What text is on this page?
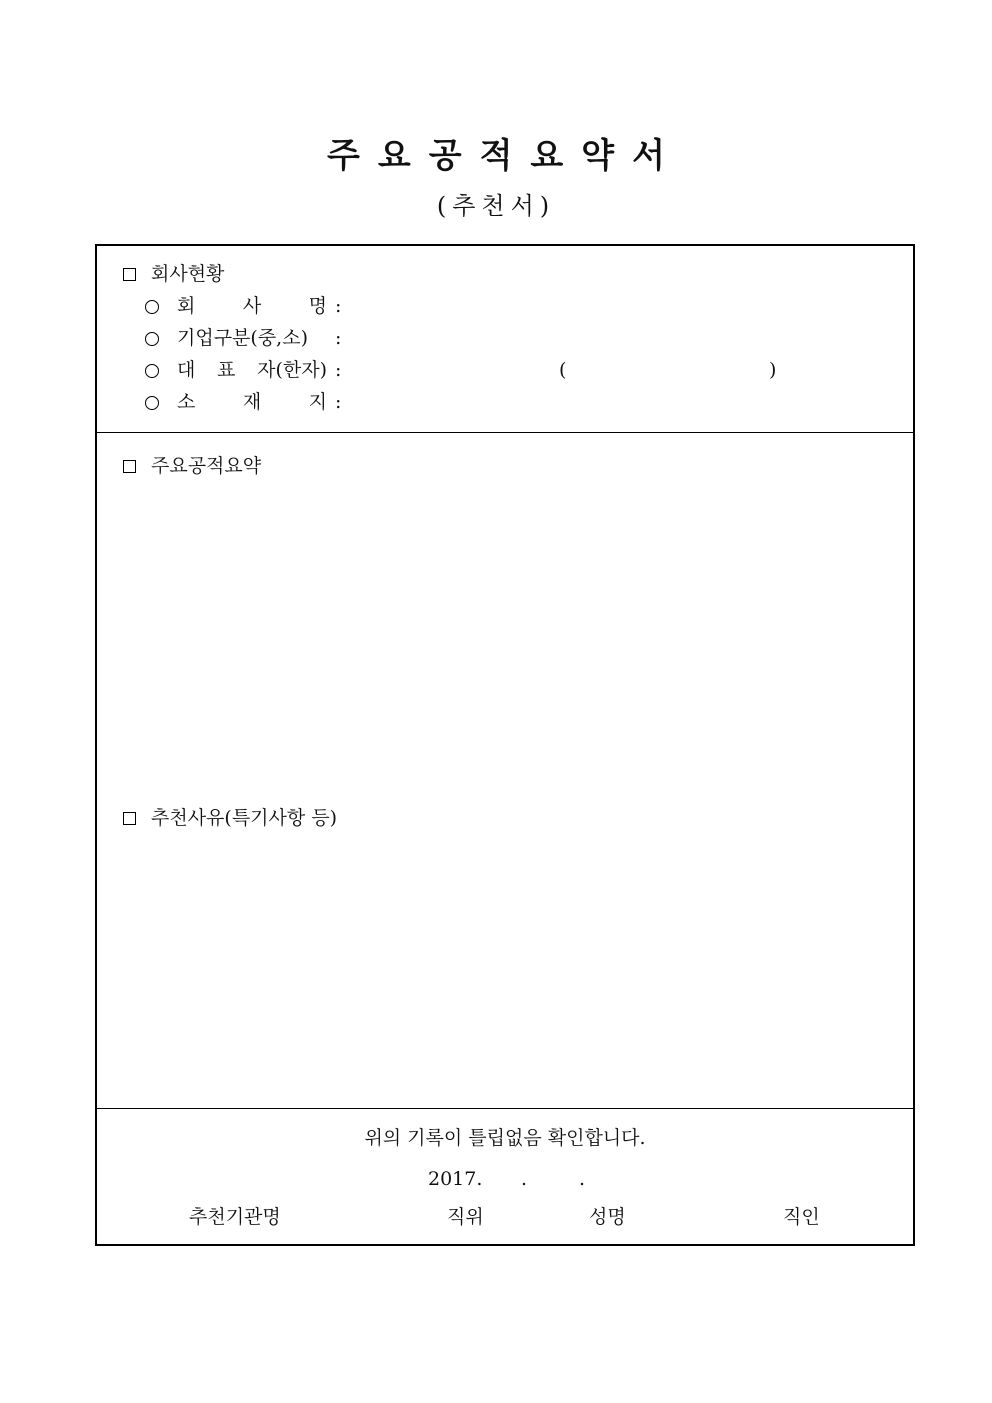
주요공적요약서
(추천서)
회사현황
회 사 명 :
기업구분(중,소) :
대 표 자(한자) :	(	)
소 재 지 :
주요공적요약
추천사유(특기사항 등)
위의 기록이 틀립없음 확인합니다.
2017. .	.
추천기관명	직위	성명	직인
